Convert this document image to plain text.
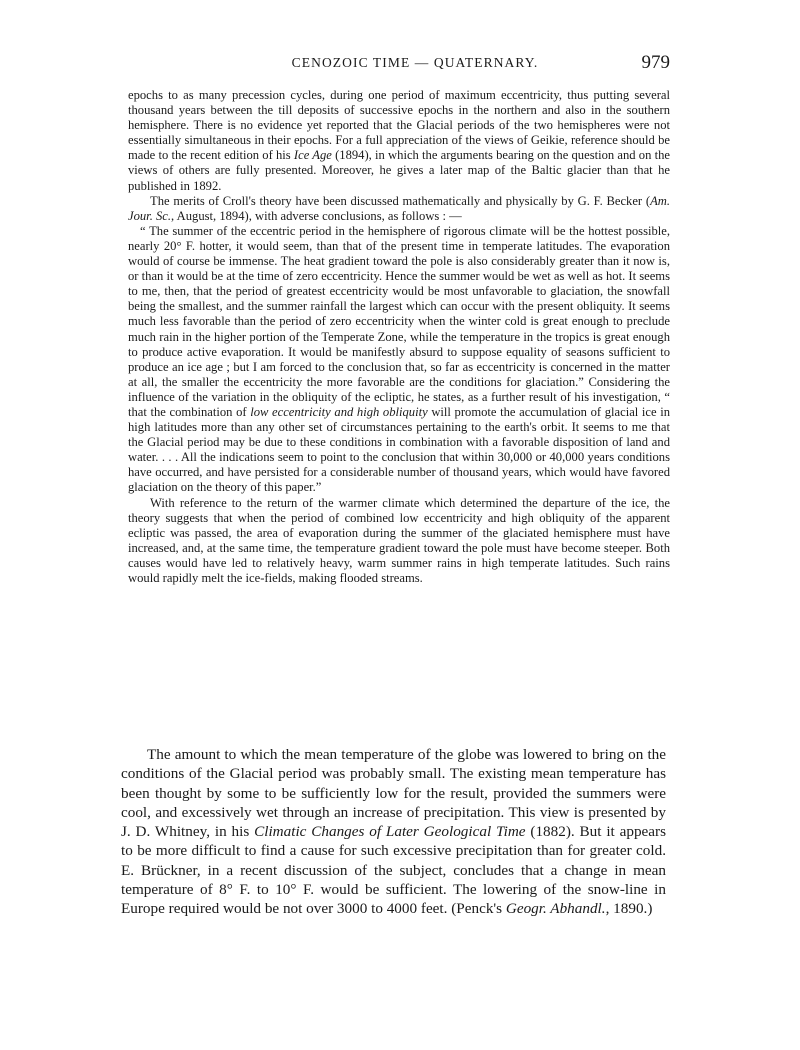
CENOZOIC TIME — QUATERNARY.	979

epochs to as many precession cycles, during one period of maximum eccentricity, thus putting several thousand years between the till deposits of successive epochs in the northern and also in the southern hemisphere. There is no evidence yet reported that the Glacial periods of the two hemispheres were not essentially simultaneous in their epochs. For a full appreciation of the views of Geikie, reference should be made to the recent edition of his Ice Age (1894), in which the arguments bearing on the question and on the views of others are fully presented. Moreover, he gives a later map of the Baltic glacier than that he published in 1892.

The merits of Croll's theory have been discussed mathematically and physically by G. F. Becker (Am. Jour. Sc., August, 1894), with adverse conclusions, as follows : —

“ The summer of the eccentric period in the hemisphere of rigorous climate will be the hottest possible, nearly 20° F. hotter, it would seem, than that of the present time in temperate latitudes. The evaporation would of course be immense. The heat gradient toward the pole is also considerably greater than it now is, or than it would be at the time of zero eccentricity. Hence the summer would be wet as well as hot. It seems to me, then, that the period of greatest eccentricity would be most unfavorable to glaciation, the snowfall being the smallest, and the summer rainfall the largest which can occur with the present obliquity. It seems much less favorable than the period of zero eccentricity when the winter cold is great enough to preclude much rain in the higher portion of the Temperate Zone, while the temperature in the tropics is great enough to produce active evaporation. It would be manifestly absurd to suppose equality of seasons sufficient to produce an ice age ; but I am forced to the conclusion that, so far as eccentricity is concerned in the matter at all, the smaller the eccentricity the more favorable are the conditions for glaciation.” Considering the influence of the variation in the obliquity of the ecliptic, he states, as a further result of his investigation, “ that the combination of low eccentricity and high obliquity will promote the accumulation of glacial ice in high latitudes more than any other set of circumstances pertaining to the earth's orbit. It seems to me that the Glacial period may be due to these conditions in combination with a favorable disposition of land and water. . . . All the indications seem to point to the conclusion that within 30,000 or 40,000 years conditions have occurred, and have persisted for a considerable number of thousand years, which would have favored glaciation on the theory of this paper.”

With reference to the return of the warmer climate which determined the departure of the ice, the theory suggests that when the period of combined low eccentricity and high obliquity of the apparent ecliptic was passed, the area of evaporation during the summer of the glaciated hemisphere must have increased, and, at the same time, the temperature gradient toward the pole must have become steeper. Both causes would have led to relatively heavy, warm summer rains in high temperate latitudes. Such rains would rapidly melt the ice-fields, making flooded streams.

The amount to which the mean temperature of the globe was lowered to bring on the conditions of the Glacial period was probably small. The existing mean temperature has been thought by some to be sufficiently low for the result, provided the summers were cool, and excessively wet through an increase of precipitation. This view is presented by J. D. Whitney, in his Climatic Changes of Later Geological Time (1882). But it appears to be more difficult to find a cause for such excessive precipitation than for greater cold. E. Brückner, in a recent discussion of the subject, concludes that a change in mean temperature of 8° F. to 10° F. would be sufficient. The lowering of the snow-line in Europe required would be not over 3000 to 4000 feet. (Penck's Geogr. Abhandl., 1890.)
